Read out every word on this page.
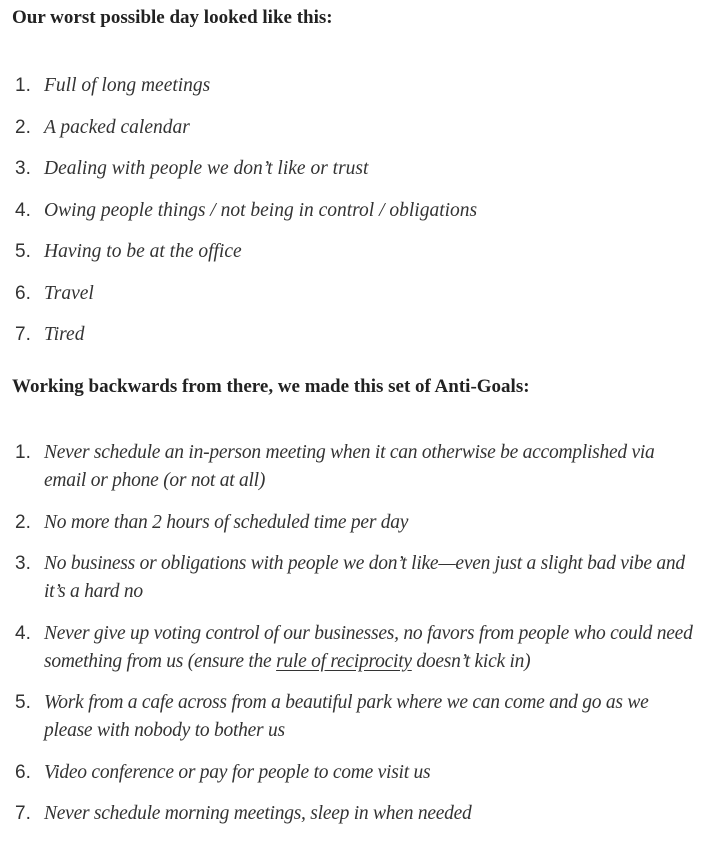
Our worst possible day looked like this:

1. Full of long meetings
2. A packed calendar
3. Dealing with people we don’t like or trust
4. Owing people things / not being in control / obligations
5. Having to be at the office
6. Travel
7. Tired

Working backwards from there, we made this set of Anti-Goals:

1. Never schedule an in-person meeting when it can otherwise be accomplished via email or phone (or not at all)
2. No more than 2 hours of scheduled time per day
3. No business or obligations with people we don’t like—even just a slight bad vibe and it’s a hard no
4. Never give up voting control of our businesses, no favors from people who could need something from us (ensure the rule of reciprocity doesn’t kick in)
5. Work from a cafe across from a beautiful park where we can come and go as we please with nobody to bother us
6. Video conference or pay for people to come visit us
7. Never schedule morning meetings, sleep in when needed
